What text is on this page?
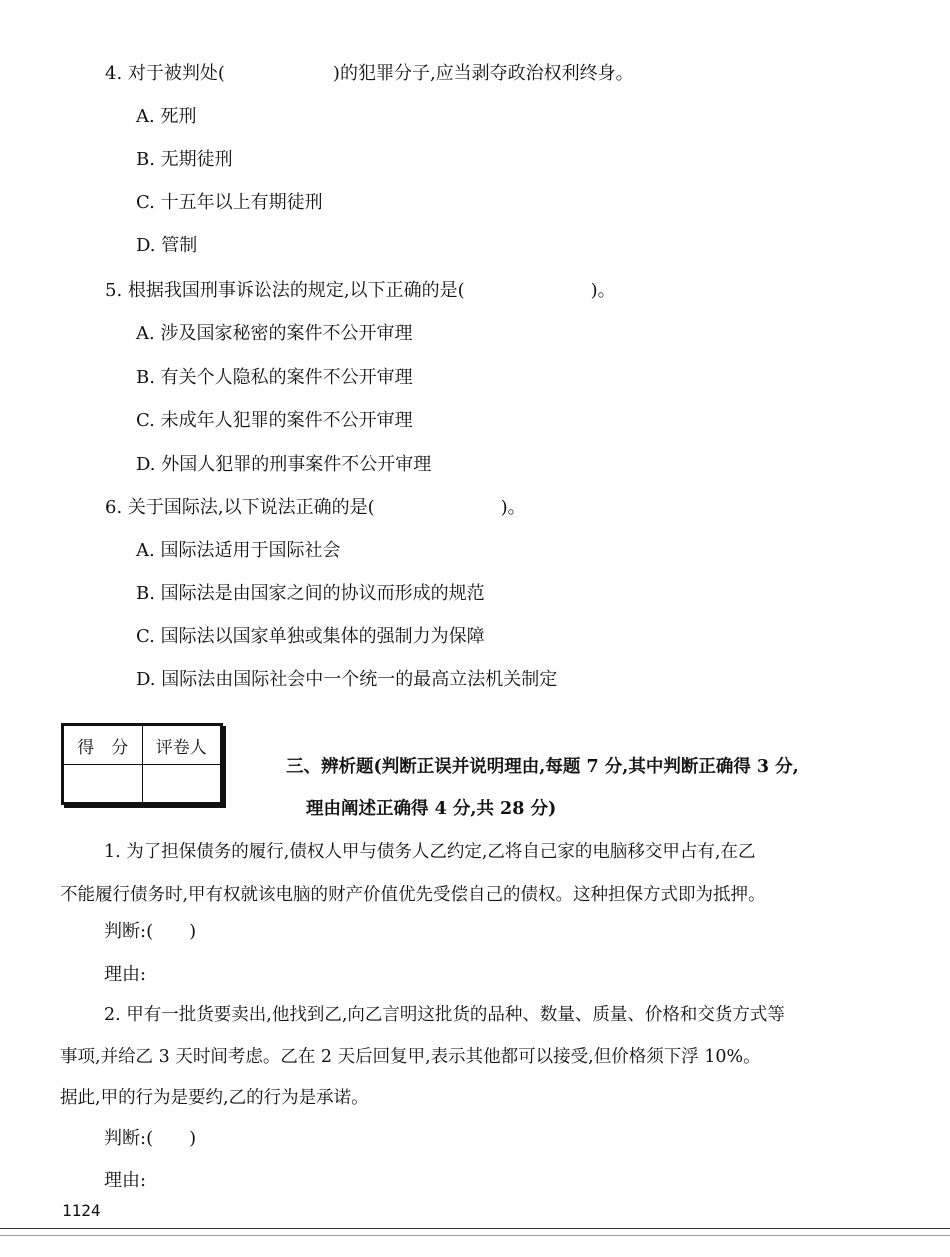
4. 对于被判处(　　　　　　)的犯罪分子,应当剥夺政治权利终身。
A. 死刑
B. 无期徒刑
C. 十五年以上有期徒刑
D. 管制
5. 根据我国刑事诉讼法的规定,以下正确的是(　　　　　　　)。
A. 涉及国家秘密的案件不公开审理
B. 有关个人隐私的案件不公开审理
C. 未成年人犯罪的案件不公开审理
D. 外国人犯罪的刑事案件不公开审理
6. 关于国际法,以下说法正确的是(　　　　　　　)。
A. 国际法适用于国际社会
B. 国际法是由国家之间的协议而形成的规范
C. 国际法以国家单独或集体的强制力为保障
D. 国际法由国际社会中一个统一的最高立法机关制定
得　分	评卷人

三、辨析题(判断正误并说明理由,每题 7 分,其中判断正确得 3 分,
理由阐述正确得 4 分,共 28 分)
1. 为了担保债务的履行,债权人甲与债务人乙约定,乙将自己家的电脑移交甲占有,在乙
不能履行债务时,甲有权就该电脑的财产价值优先受偿自己的债权。这种担保方式即为抵押。
判断:(　　)
理由:
2. 甲有一批货要卖出,他找到乙,向乙言明这批货的品种、数量、质量、价格和交货方式等
事项,并给乙 3 天时间考虑。乙在 2 天后回复甲,表示其他都可以接受,但价格须下浮 10%。
据此,甲的行为是要约,乙的行为是承诺。
判断:(　　)
理由:
1124
